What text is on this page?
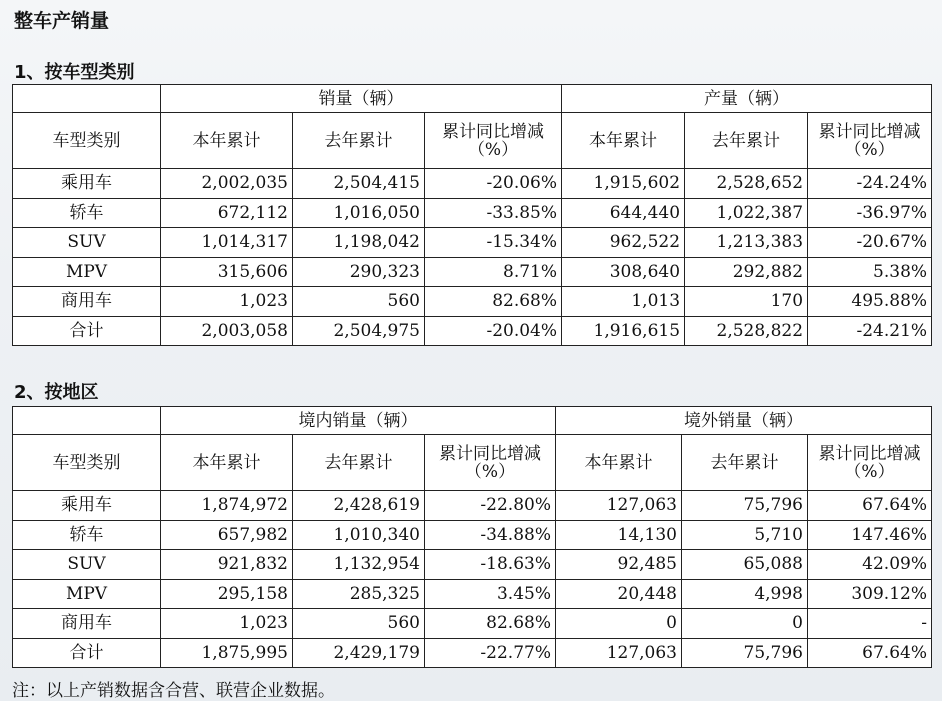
整车产销量
1、按车型类别
	销量（辆）			产量（辆）		
车型类别	本年累计	去年累计	累计同比增减（%）	本年累计	去年累计	累计同比增减（%）
乘用车	2,002,035	2,504,415	-20.06%	1,915,602	2,528,652	-24.24%
轿车	672,112	1,016,050	-33.85%	644,440	1,022,387	-36.97%
SUV	1,014,317	1,198,042	-15.34%	962,522	1,213,383	-20.67%
MPV	315,606	290,323	8.71%	308,640	292,882	5.38%
商用车	1,023	560	82.68%	1,013	170	495.88%
合计	2,003,058	2,504,975	-20.04%	1,916,615	2,528,822	-24.21%
2、按地区
	境内销量（辆）			境外销量（辆）		
车型类别	本年累计	去年累计	累计同比增减（%）	本年累计	去年累计	累计同比增减（%）
乘用车	1,874,972	2,428,619	-22.80%	127,063	75,796	67.64%
轿车	657,982	1,010,340	-34.88%	14,130	5,710	147.46%
SUV	921,832	1,132,954	-18.63%	92,485	65,088	42.09%
MPV	295,158	285,325	3.45%	20,448	4,998	309.12%
商用车	1,023	560	82.68%	0	0	-
合计	1,875,995	2,429,179	-22.77%	127,063	75,796	67.64%
注：以上产销数据含合营、联营企业数据。
